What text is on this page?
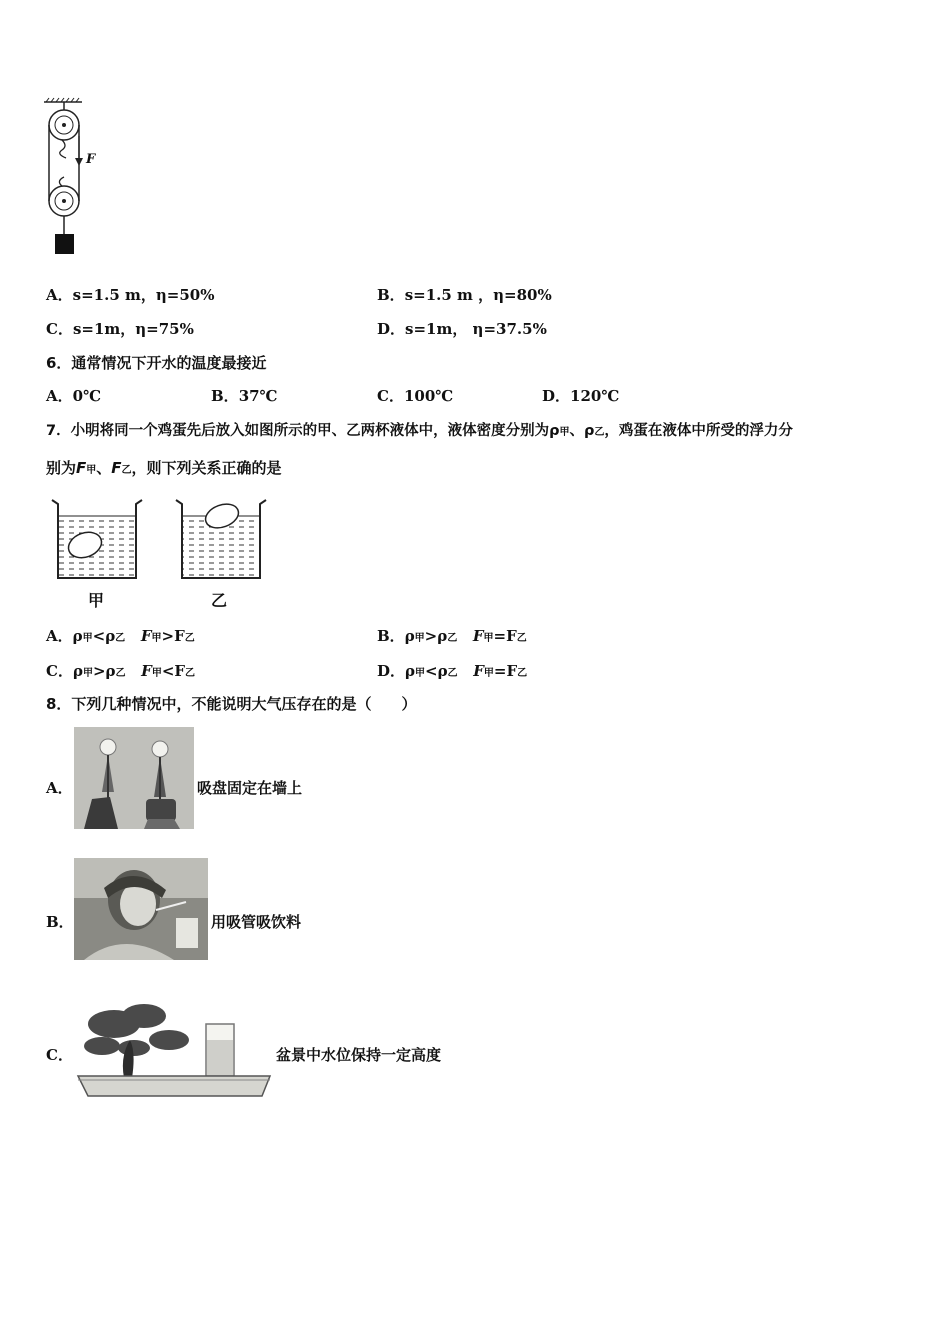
F
A．s=1.5 m，η=50%	B．s=1.5 m ，η=80%
C．s=1m，η=75%	D．s=1m， η=37.5%
6．通常情况下开水的温度最接近
A．0℃	B．37℃	C．100℃	D．120℃
7．小明将同一个鸡蛋先后放入如图所示的甲、乙两杯液体中，液体密度分别为ρ甲、ρ乙，鸡蛋在液体中所受的浮力分
别为F甲、F乙，则下列关系正确的是
甲	乙
A．ρ甲<ρ乙 F甲>F乙	B．ρ甲>ρ乙 F甲=F乙
C．ρ甲>ρ乙 F甲<F乙	D．ρ甲<ρ乙 F甲=F乙
8．下列几种情况中，不能说明大气压存在的是（　　）
A．	吸盘固定在墙上
B．	用吸管吸饮料
C．	盆景中水位保持一定高度
